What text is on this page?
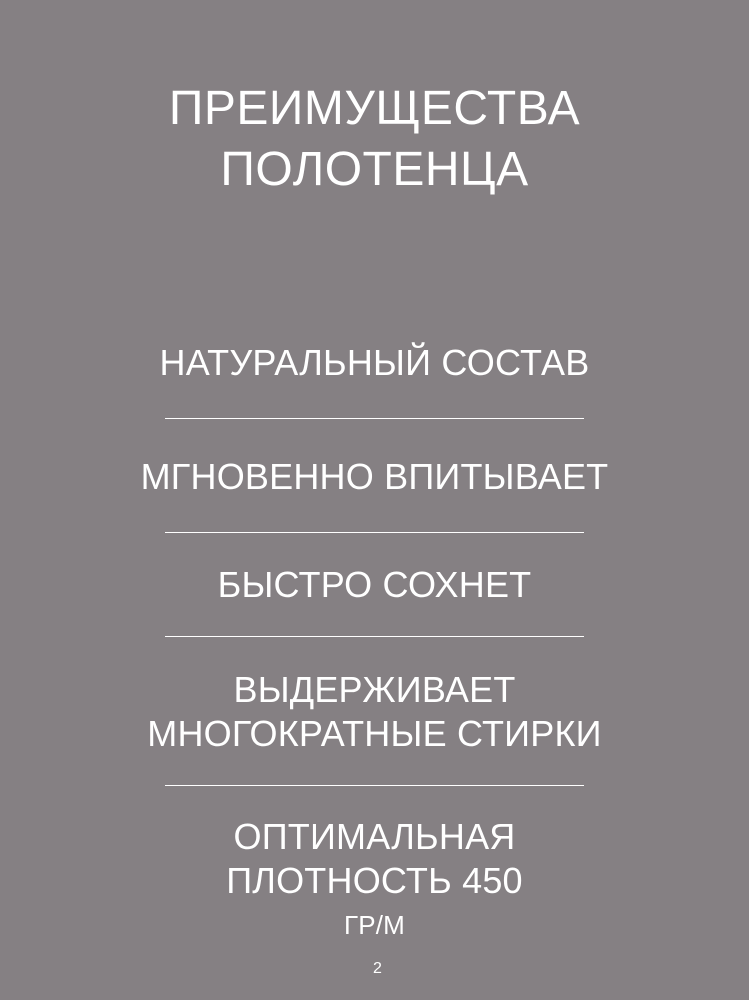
ПРЕИМУЩЕСТВА
ПОЛОТЕНЦА
НАТУРАЛЬНЫЙ СОСТАВ
МГНОВЕННО ВПИТЫВАЕТ
БЫСТРО СОХНЕТ
ВЫДЕРЖИВАЕТ
МНОГОКРАТНЫЕ СТИРКИ
ОПТИМАЛЬНАЯ
ПЛОТНОСТЬ 450
ГР/М
2
